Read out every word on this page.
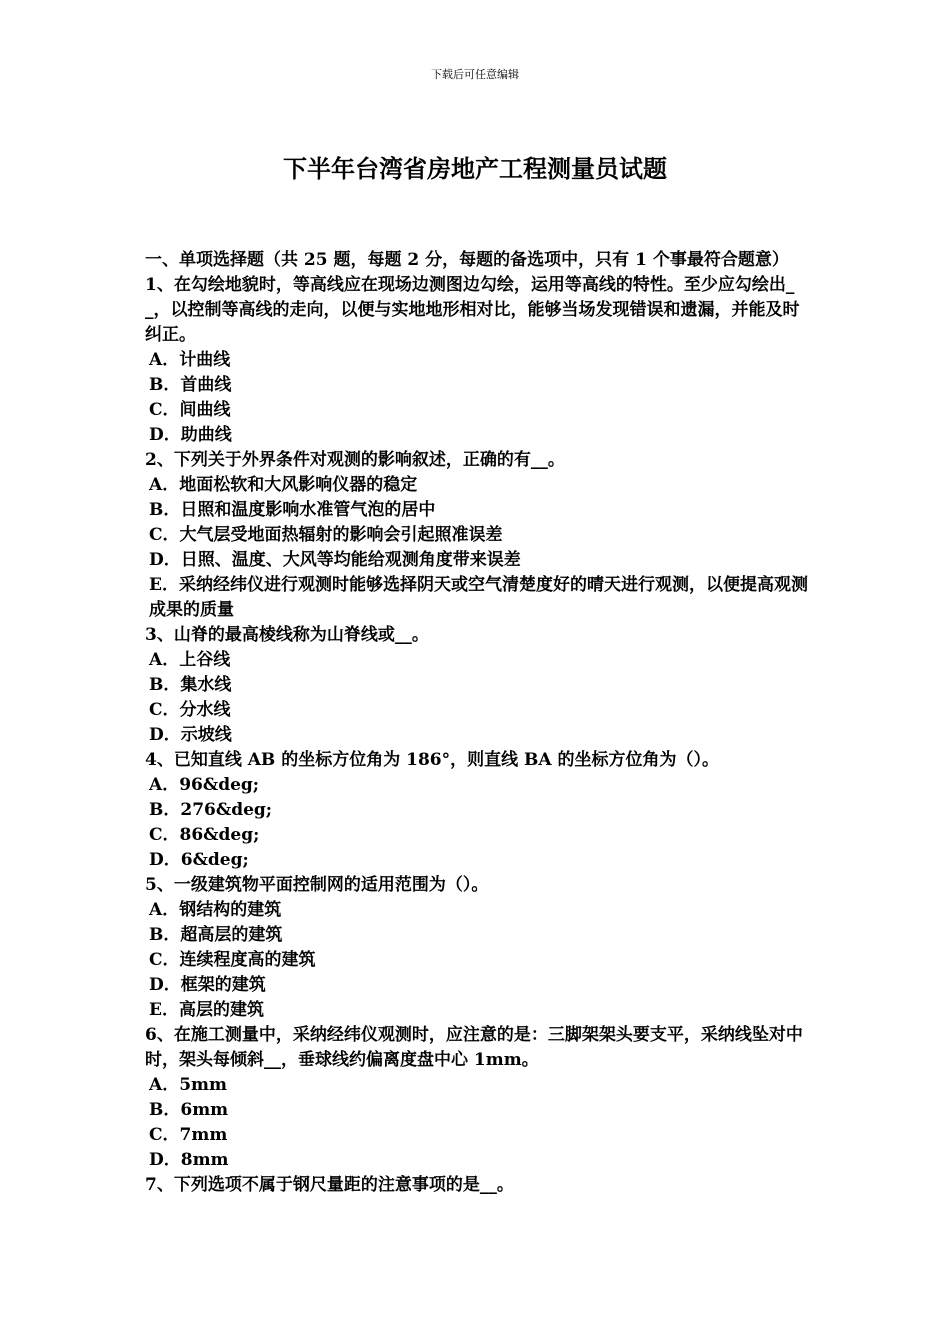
下载后可任意编辑
下半年台湾省房地产工程测量员试题

一、单项选择题（共 25 题，每题 2 分，每题的备选项中，只有 1 个事最符合题意）

1、在勾绘地貌时，等高线应在现场边测图边勾绘，运用等高线的特性。至少应勾绘出__，以控制等高线的走向，以便与实地地形相对比，能够当场发现错误和遗漏，并能及时纠正。

A．计曲线

B．首曲线

C．间曲线

D．助曲线

2、下列关于外界条件对观测的影响叙述，正确的有__。

A．地面松软和大风影响仪器的稳定

B．日照和温度影响水准管气泡的居中

C．大气层受地面热辐射的影响会引起照准误差

D．日照、温度、大风等均能给观测角度带来误差

E．采纳经纬仪进行观测时能够选择阴天或空气清楚度好的晴天进行观测，以便提高观测成果的质量

3、山脊的最高棱线称为山脊线或__。

A．上谷线

B．集水线

C．分水线

D．示坡线

4、已知直线 AB 的坐标方位角为 186°，则直线 BA 的坐标方位角为（）。

A．96&deg;

B．276&deg;

C．86&deg;

D．6&deg;

5、一级建筑物平面控制网的适用范围为（）。

A．钢结构的建筑

B．超高层的建筑

C．连续程度高的建筑

D．框架的建筑

E．高层的建筑

6、在施工测量中，采纳经纬仪观测时，应注意的是：三脚架架头要支平，采纳线坠对中时，架头每倾斜__，垂球线约偏离度盘中心 1mm。

A．5mm

B．6mm

C．7mm

D．8mm

7、下列选项不属于钢尺量距的注意事项的是__。
